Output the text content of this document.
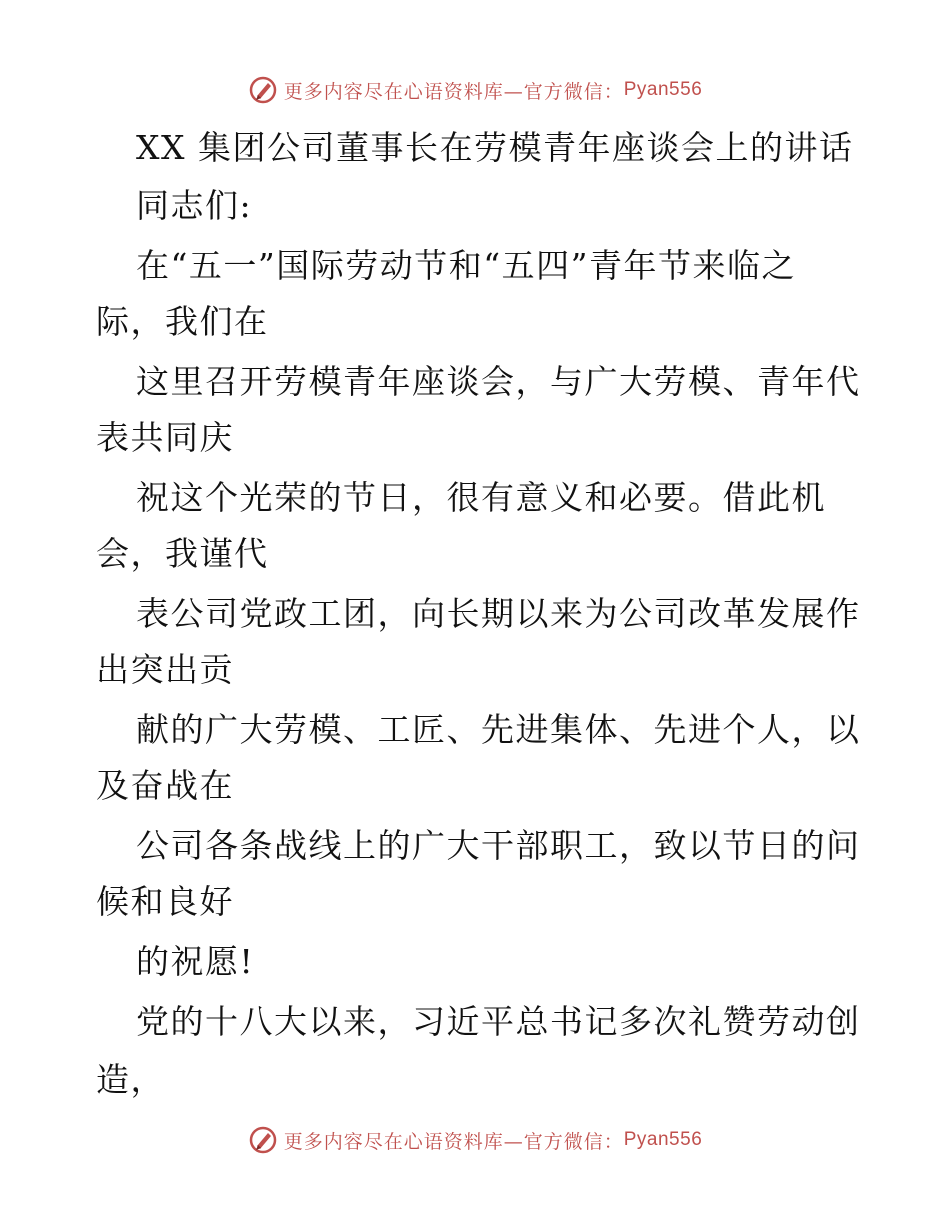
更多内容尽在心语资料库—官方微信： Pyan556
XX 集团公司董事长在劳模青年座谈会上的讲话
同志们:
在“五一”国际劳动节和“五四”青年节来临之
际，我们在
这里召开劳模青年座谈会，与广大劳模、青年代
表共同庆
祝这个光荣的节日，很有意义和必要。借此机
会，我谨代
表公司党政工团，向长期以来为公司改革发展作
出突出贡
献的广大劳模、工匠、先进集体、先进个人，以
及奋战在
公司各条战线上的广大干部职工，致以节日的问
候和良好
的祝愿!
党的十八大以来，习近平总书记多次礼赞劳动创
造，
更多内容尽在心语资料库—官方微信： Pyan556
